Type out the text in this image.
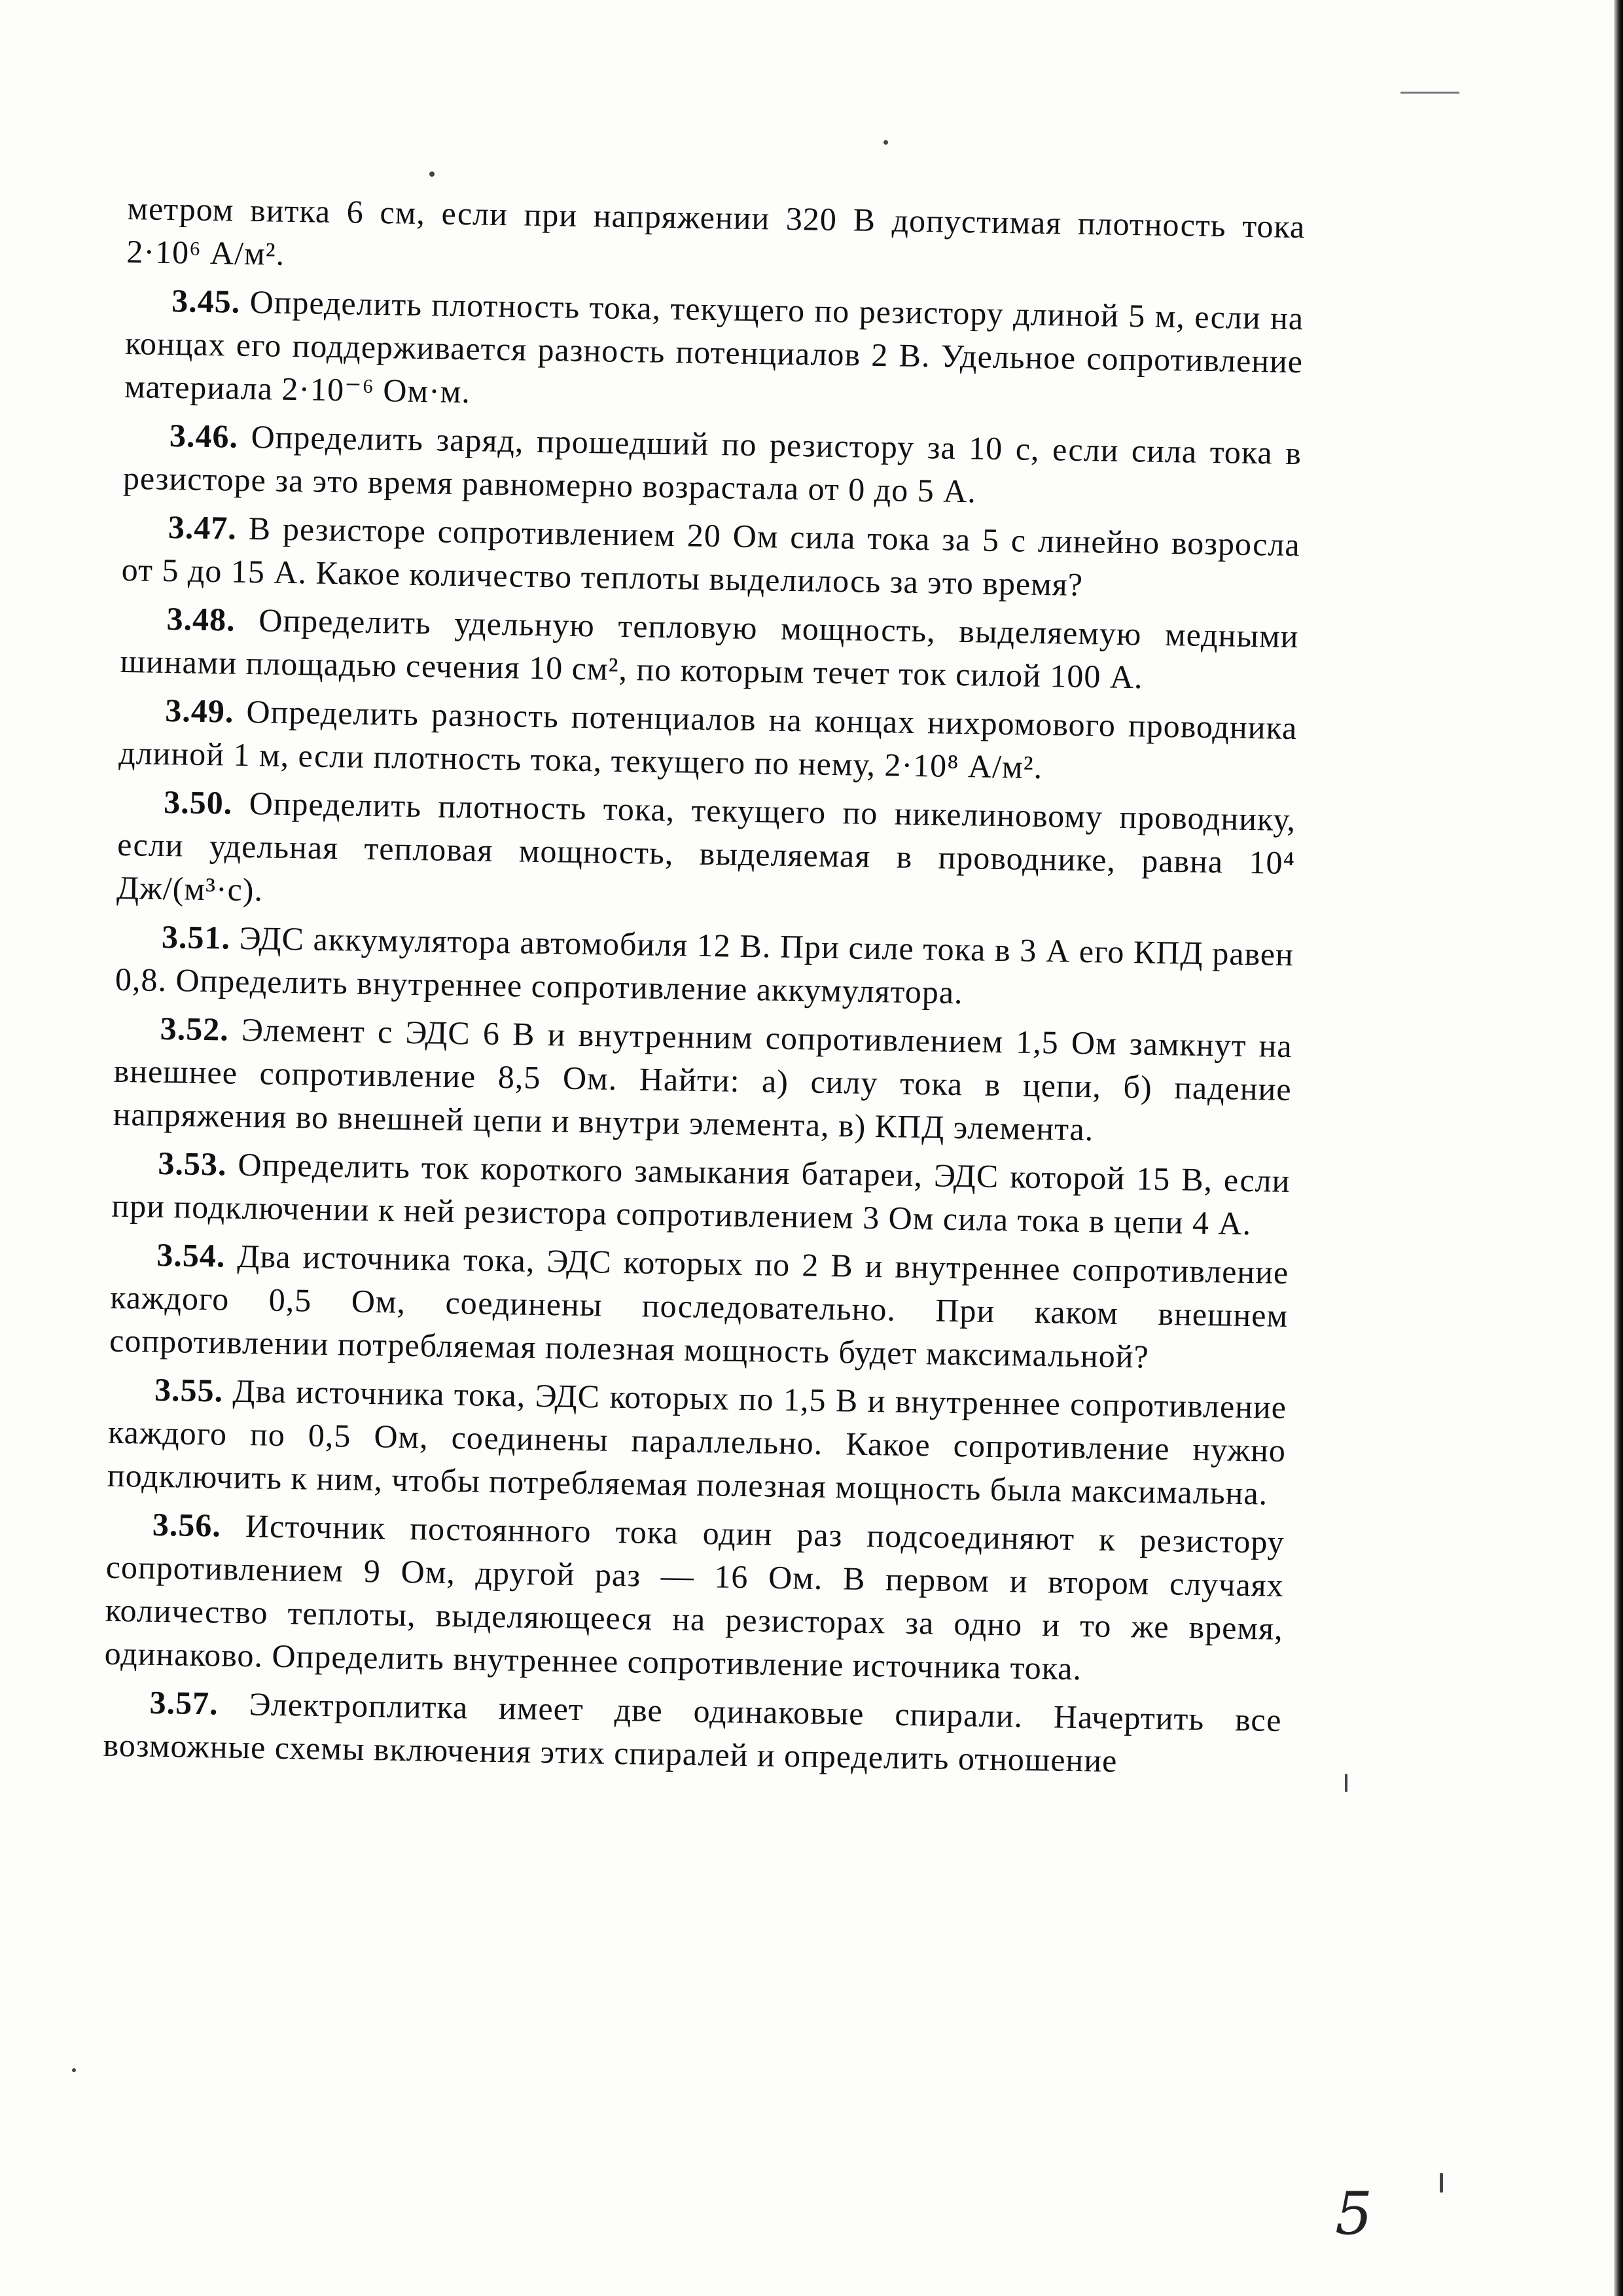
метром витка 6 см, если при напряжении 320 В допустимая плотность тока 2·10⁶ А/м².

3.45. Определить плотность тока, текущего по резистору длиной 5 м, если на концах его поддерживается разность потенциалов 2 В. Удельное сопротивление материала 2·10⁻⁶ Ом·м.

3.46. Определить заряд, прошедший по резистору за 10 с, если сила тока в резисторе за это время равномерно возрастала от 0 до 5 А.

3.47. В резисторе сопротивлением 20 Ом сила тока за 5 с линейно возросла от 5 до 15 А. Какое количество теплоты выделилось за это время?

3.48. Определить удельную тепловую мощность, выделяемую медными шинами площадью сечения 10 см², по которым течет ток силой 100 А.

3.49. Определить разность потенциалов на концах нихромового проводника длиной 1 м, если плотность тока, текущего по нему, 2·10⁸ А/м².

3.50. Определить плотность тока, текущего по никелиновому проводнику, если удельная тепловая мощность, выделяемая в проводнике, равна 10⁴ Дж/(м³·с).

3.51. ЭДС аккумулятора автомобиля 12 В. При силе тока в 3 А его КПД равен 0,8. Определить внутреннее сопротивление аккумулятора.

3.52. Элемент с ЭДС 6 В и внутренним сопротивлением 1,5 Ом замкнут на внешнее сопротивление 8,5 Ом. Найти: а) силу тока в цепи, б) падение напряжения во внешней цепи и внутри элемента, в) КПД элемента.

3.53. Определить ток короткого замыкания батареи, ЭДС которой 15 В, если при подключении к ней резистора сопротивлением 3 Ом сила тока в цепи 4 А.

3.54. Два источника тока, ЭДС которых по 2 В и внутреннее сопротивление каждого 0,5 Ом, соединены последовательно. При каком внешнем сопротивлении потребляемая полезная мощность будет максимальной?

3.55. Два источника тока, ЭДС которых по 1,5 В и внутреннее сопротивление каждого по 0,5 Ом, соединены параллельно. Какое сопротивление нужно подключить к ним, чтобы потребляемая полезная мощность была максимальна.

3.56. Источник постоянного тока один раз подсоединяют к резистору сопротивлением 9 Ом, другой раз — 16 Ом. В первом и втором случаях количество теплоты, выделяющееся на резисторах за одно и то же время, одинаково. Определить внутреннее сопротивление источника тока.

3.57. Электроплитка имеет две одинаковые спирали. Начертить все возможные схемы включения этих спиралей и определить отношение

5
